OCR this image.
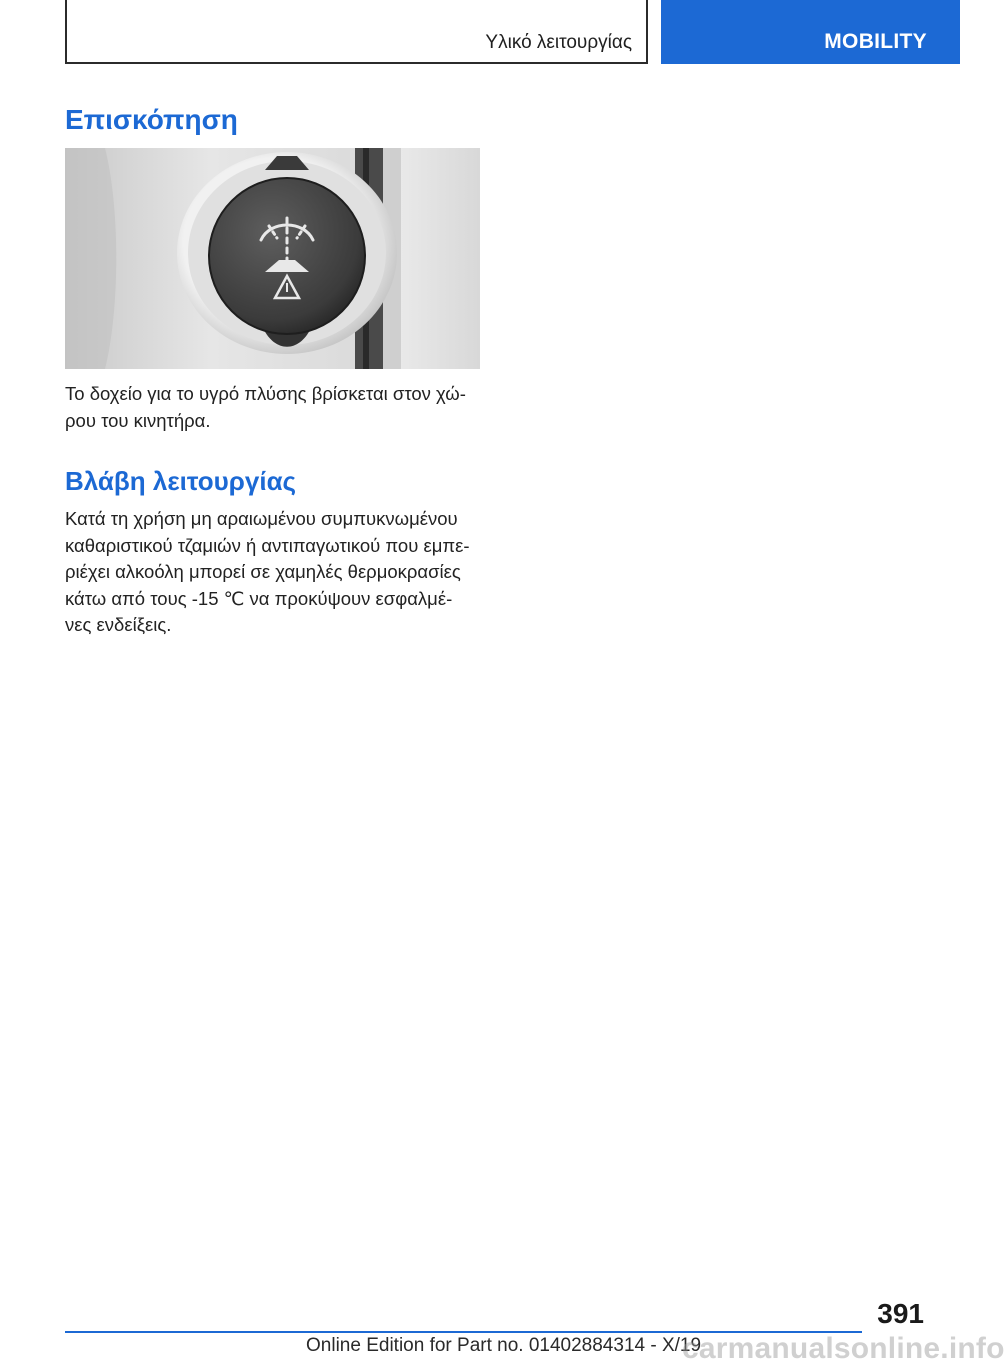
Υλικό λειτουργίας	MOBILITY
Επισκόπηση

Το δοχείο για το υγρό πλύσης βρίσκεται στον χώ‐
ρου του κινητήρα.

Βλάβη λειτουργίας

Κατά τη χρήση μη αραιωμένου συμπυκνωμένου
καθαριστικού τζαμιών ή αντιπαγωτικού που εμπε‐
ριέχει αλκοόλη μπορεί σε χαμηλές θερμοκρασίες
κάτω από τους ‑15 ℃ να προκύψουν εσφαλμέ‐
νες ενδείξεις.

391
Online Edition for Part no. 01402884314 - X/19
carmanualsonline.info
